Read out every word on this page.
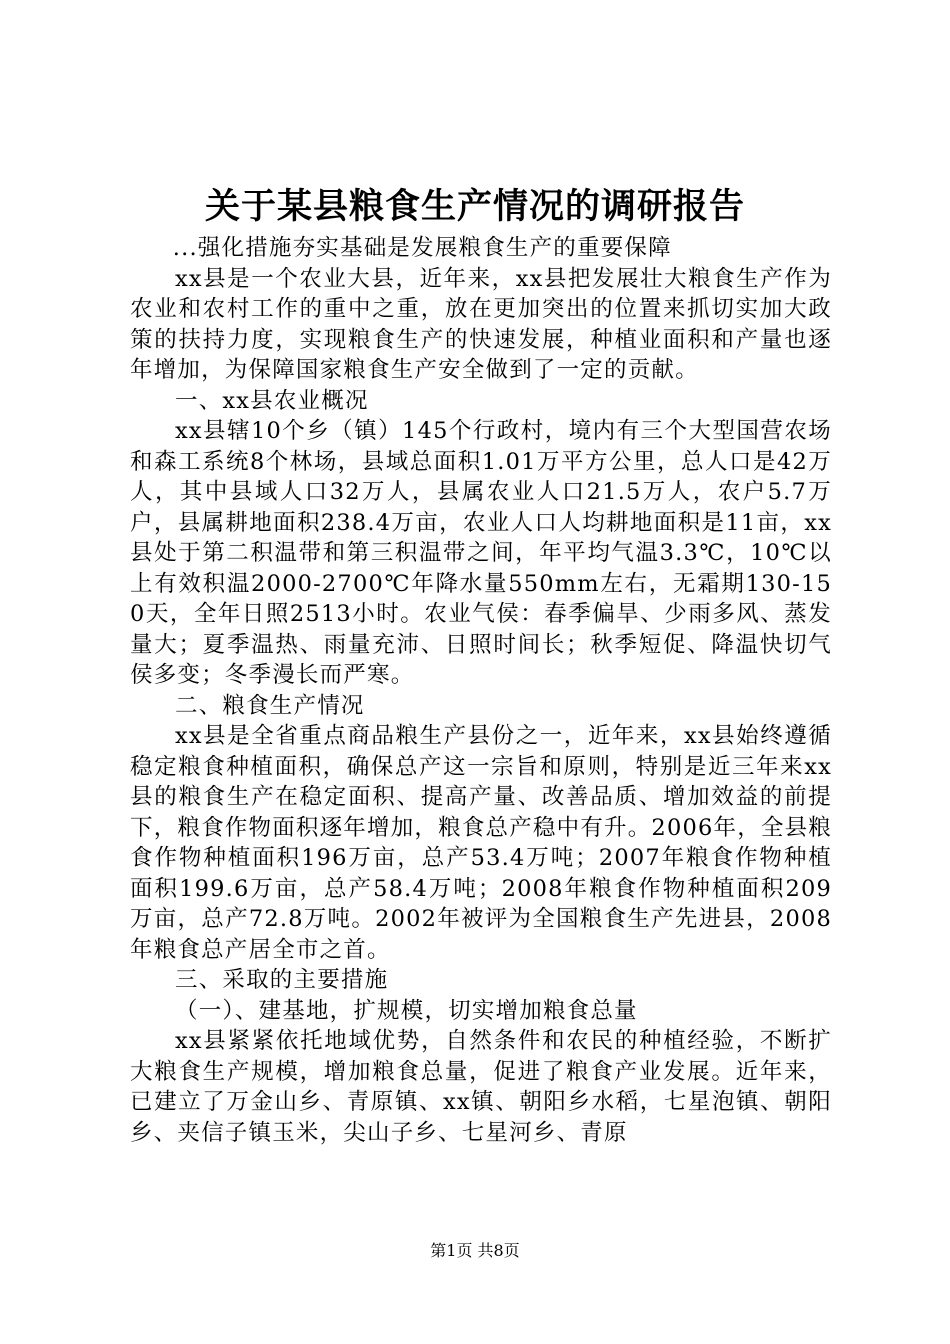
关于某县粮食生产情况的调研报告

...强化措施夯实基础是发展粮食生产的重要保障

xx县是一个农业大县，近年来，xx县把发展壮大粮食生产作为农业和农村工作的重中之重，放在更加突出的位置来抓切实加大政策的扶持力度，实现粮食生产的快速发展，种植业面积和产量也逐年增加，为保障国家粮食生产安全做到了一定的贡献。

一、xx县农业概况

xx县辖10个乡（镇）145个行政村，境内有三个大型国营农场和森工系统8个林场，县域总面积1.01万平方公里，总人口是42万人，其中县域人口32万人，县属农业人口21.5万人，农户5.7万户，县属耕地面积238.4万亩，农业人口人均耕地面积是11亩，xx县处于第二积温带和第三积温带之间，年平均气温3.3℃，10℃以上有效积温2000-2700℃年降水量550mm左右，无霜期130-150天，全年日照2513小时。农业气侯：春季偏旱、少雨多风、蒸发量大；夏季温热、雨量充沛、日照时间长；秋季短促、降温快切气侯多变；冬季漫长而严寒。

二、粮食生产情况

xx县是全省重点商品粮生产县份之一，近年来，xx县始终遵循稳定粮食种植面积，确保总产这一宗旨和原则，特别是近三年来xx县的粮食生产在稳定面积、提高产量、改善品质、增加效益的前提下，粮食作物面积逐年增加，粮食总产稳中有升。2006年，全县粮食作物种植面积196万亩，总产53.4万吨；2007年粮食作物种植面积199.6万亩，总产58.4万吨；2008年粮食作物种植面积209万亩，总产72.8万吨。2002年被评为全国粮食生产先进县，2008年粮食总产居全市之首。

三、采取的主要措施

（一）、建基地，扩规模，切实增加粮食总量

xx县紧紧依托地域优势，自然条件和农民的种植经验，不断扩大粮食生产规模，增加粮食总量，促进了粮食产业发展。近年来，已建立了万金山乡、青原镇、xx镇、朝阳乡水稻，七星泡镇、朝阳乡、夹信子镇玉米，尖山子乡、七星河乡、青原

第1页 共8页
